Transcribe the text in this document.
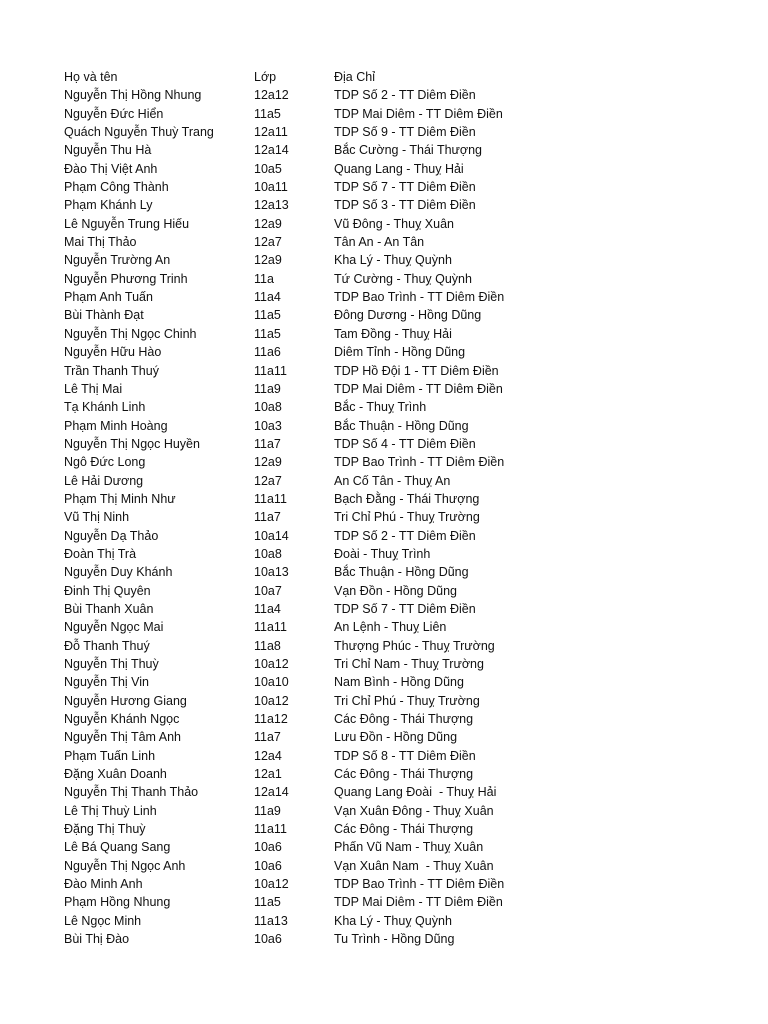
Họ và tên	Lớp	Địa Chỉ
Nguyễn Thị Hồng Nhung	12a12	TDP Số 2 - TT Diêm Điền
Nguyễn Đức Hiển	11a5	TDP Mai Diêm - TT Diêm Điền
Quách Nguyễn Thuỳ Trang	12a11	TDP Số 9 - TT Diêm Điền
Nguyễn Thu Hà	12a14	Bắc Cường - Thái Thượng
Đào Thị Việt Anh	10a5	Quang Lang - Thuỵ Hải
Phạm Công Thành	10a11	TDP Số 7 - TT Diêm Điền
Phạm Khánh Ly	12a13	TDP Số 3 - TT Diêm Điền
Lê Nguyễn Trung Hiếu	12a9	Vũ Đông - Thuỵ Xuân
Mai Thị Thảo	12a7	Tân An - An Tân
Nguyễn Trường An	12a9	Kha Lý - Thuỵ Quỳnh
Nguyễn Phương Trinh	11a	Tứ Cường - Thuỵ Quỳnh
Phạm Anh Tuấn	11a4	TDP Bao Trình - TT Diêm Điền
Bùi Thành Đạt	11a5	Đông Dương - Hồng Dũng
Nguyễn Thị Ngọc Chinh	11a5	Tam Đồng - Thuỵ Hải
Nguyễn Hữu Hào	11a6	Diêm Tỉnh - Hồng Dũng
Trần Thanh Thuý	11a11	TDP Hồ Đội 1 - TT Diêm Điền
Lê Thị Mai	11a9	TDP Mai Diêm - TT Diêm Điền
Tạ Khánh Linh	10a8	Bắc - Thuỵ Trình
Phạm Minh Hoàng	10a3	Bắc Thuận - Hồng Dũng
Nguyễn Thị Ngọc Huyền	11a7	TDP Số 4 - TT Diêm Điền
Ngô Đức Long	12a9	TDP Bao Trình - TT Diêm Điền
Lê Hải Dương	12a7	An Cố Tân - Thuỵ An
Phạm Thị Minh Như	11a11	Bạch Đằng - Thái Thượng
Vũ Thị Ninh	11a7	Tri Chỉ Phú - Thuỵ Trường
Nguyễn Dạ Thảo	10a14	TDP Số 2 - TT Diêm Điền
Đoàn Thị Trà	10a8	Đoài - Thuỵ Trình
Nguyễn Duy Khánh	10a13	Bắc Thuận - Hồng Dũng
Đinh Thị Quyên	10a7	Vạn Đồn - Hồng Dũng
Bùi Thanh Xuân	11a4	TDP Số 7 - TT Diêm Điền
Nguyễn Ngọc Mai	11a11	An Lệnh - Thuỵ Liên
Đỗ Thanh Thuý	11a8	Thượng Phúc - Thuỵ Trường
Nguyễn Thị Thuỳ	10a12	Tri Chỉ Nam - Thuỵ Trường
Nguyễn Thị Vin	10a10	Nam Bình - Hồng Dũng
Nguyễn Hương Giang	10a12	Tri Chỉ Phú - Thuỵ Trường
Nguyễn Khánh Ngọc	11a12	Các Đông - Thái Thượng
Nguyễn Thị Tâm Anh	11a7	Lưu Đồn - Hồng Dũng
Phạm Tuấn Linh	12a4	TDP Số 8 - TT Diêm Điền
Đặng Xuân Doanh	12a1	Các Đông - Thái Thượng
Nguyễn Thị Thanh Thảo	12a14	Quang Lang Đoài  - Thuỵ Hải
Lê Thị Thuỳ Linh	11a9	Vạn Xuân Đông - Thuỵ Xuân
Đặng Thị Thuỳ	11a11	Các Đông - Thái Thượng
Lê Bá Quang Sang	10a6	Phấn Vũ Nam - Thuỵ Xuân
Nguyễn Thị Ngọc Anh	10a6	Vạn Xuân Nam  - Thuỵ Xuân
Đào Minh Anh	10a12	TDP Bao Trình - TT Diêm Điền
Phạm Hồng Nhung	11a5	TDP Mai Diêm - TT Diêm Điền
Lê Ngọc Minh	11a13	Kha Lý - Thuỵ Quỳnh
Bùi Thị Đào	10a6	Tu Trình - Hồng Dũng
